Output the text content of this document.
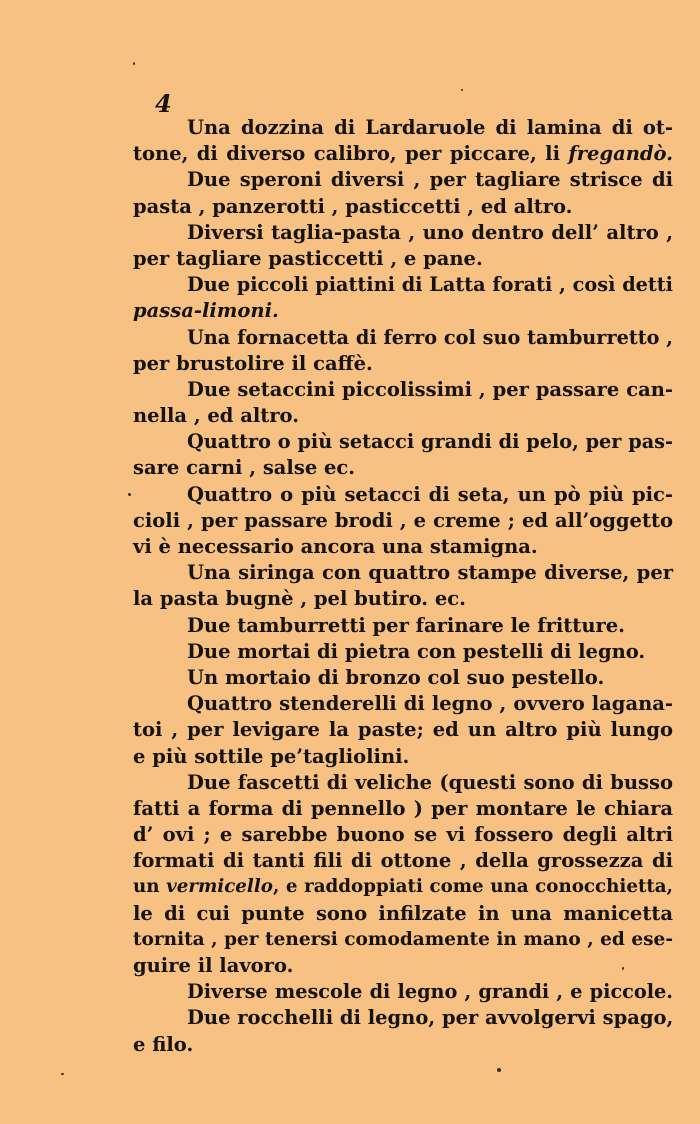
4
Una dozzina di Lardaruole di lamina di ot-
tone, di diverso calibro, per piccare, li fregandò.
Due speroni diversi , per tagliare strisce di
pasta , panzerotti , pasticcetti , ed altro.
Diversi taglia-pasta , uno dentro dell’ altro ,
per tagliare pasticcetti , e pane.
Due piccoli piattini di Latta forati , così detti
passa-limoni.
Una fornacetta di ferro col suo tamburretto ,
per brustolire il caffè.
Due setaccini piccolissimi , per passare can-
nella , ed altro.
Quattro o più setacci grandi di pelo, per pas-
sare carni , salse ec.
Quattro o più setacci di seta, un pò più pic-
cioli , per passare brodi , e creme ; ed all’oggetto
vi è necessario ancora una stamigna.
Una siringa con quattro stampe diverse, per
la pasta bugnè , pel butiro. ec.
Due tamburretti per farinare le fritture.
Due mortai di pietra con pestelli di legno.
Un mortaio di bronzo col suo pestello.
Quattro stenderelli di legno , ovvero lagana-
toi , per levigare la paste; ed un altro più lungo
e più sottile pe’tagliolini.
Due fascetti di veliche (questi sono di busso
fatti a forma di pennello ) per montare le chiara
d’ ovi ; e sarebbe buono se vi fossero degli altri
formati di tanti fili di ottone , della grossezza di
un vermicello, e raddoppiati come una conocchietta,
le di cui punte sono infilzate in una manicetta
tornita , per tenersi comodamente in mano , ed ese-
guire il lavoro.
Diverse mescole di legno , grandi , e piccole.
Due rocchelli di legno, per avvolgervi spago,
e filo.
